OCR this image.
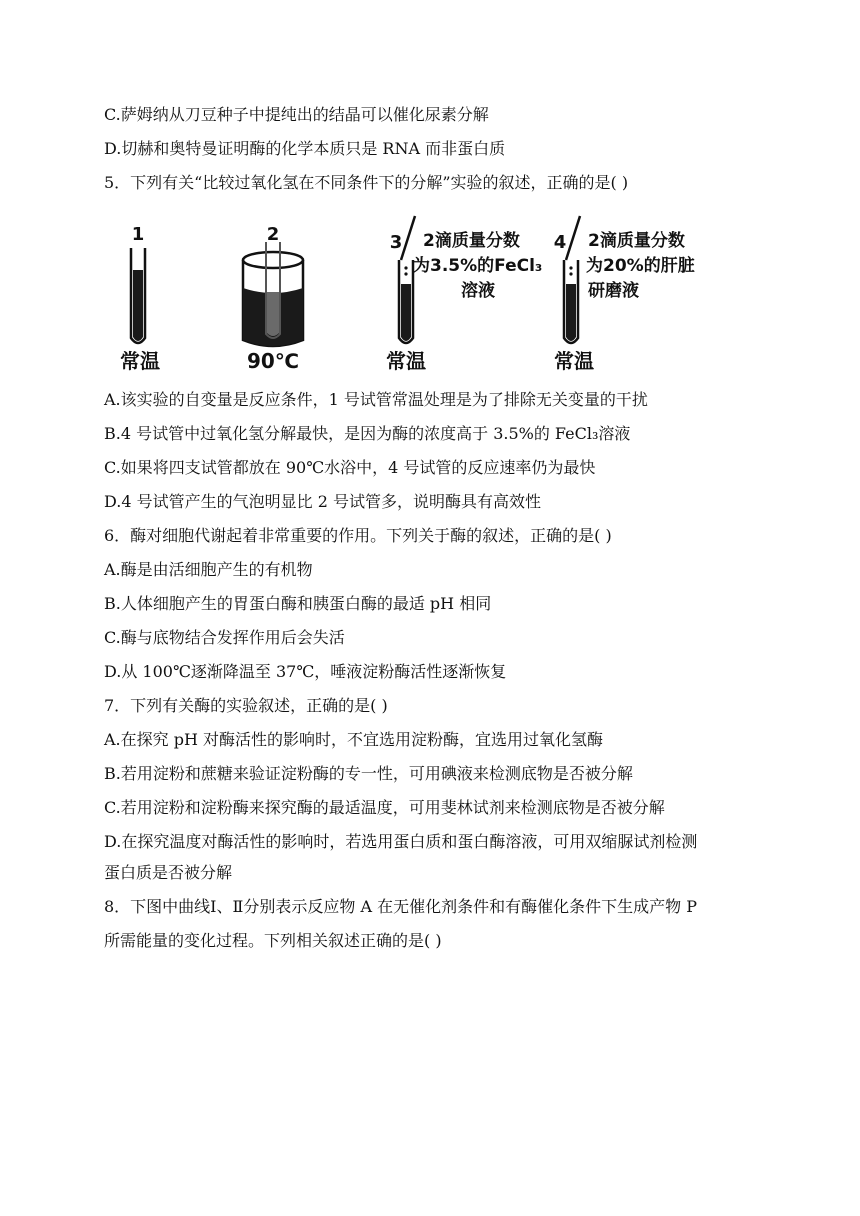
C.萨姆纳从刀豆种子中提纯出的结晶可以催化尿素分解
D.切赫和奥特曼证明酶的化学本质只是 RNA 而非蛋白质
5．下列有关“比较过氧化氢在不同条件下的分解”实验的叙述，正确的是( )
1
常温
2
90℃
3 2滴质量分数
为3.5%的FeCl₃
溶液
常温
4 2滴质量分数
为20%的肝脏
研磨液
常温
A.该实验的自变量是反应条件，1 号试管常温处理是为了排除无关变量的干扰
B.4 号试管中过氧化氢分解最快，是因为酶的浓度高于 3.5%的 FeCl₃溶液
C.如果将四支试管都放在 90℃水浴中，4 号试管的反应速率仍为最快
D.4 号试管产生的气泡明显比 2 号试管多，说明酶具有高效性
6．酶对细胞代谢起着非常重要的作用。下列关于酶的叙述，正确的是( )
A.酶是由活细胞产生的有机物
B.人体细胞产生的胃蛋白酶和胰蛋白酶的最适 pH 相同
C.酶与底物结合发挥作用后会失活
D.从 100℃逐渐降温至 37℃，唾液淀粉酶活性逐渐恢复
7．下列有关酶的实验叙述，正确的是( )
A.在探究 pH 对酶活性的影响时，不宜选用淀粉酶，宜选用过氧化氢酶
B.若用淀粉和蔗糖来验证淀粉酶的专一性，可用碘液来检测底物是否被分解
C.若用淀粉和淀粉酶来探究酶的最适温度，可用斐林试剂来检测底物是否被分解
D.在探究温度对酶活性的影响时，若选用蛋白质和蛋白酶溶液，可用双缩脲试剂检测
蛋白质是否被分解
8．下图中曲线Ⅰ、Ⅱ分别表示反应物 A 在无催化剂条件和有酶催化条件下生成产物 P
所需能量的变化过程。下列相关叙述正确的是( )
